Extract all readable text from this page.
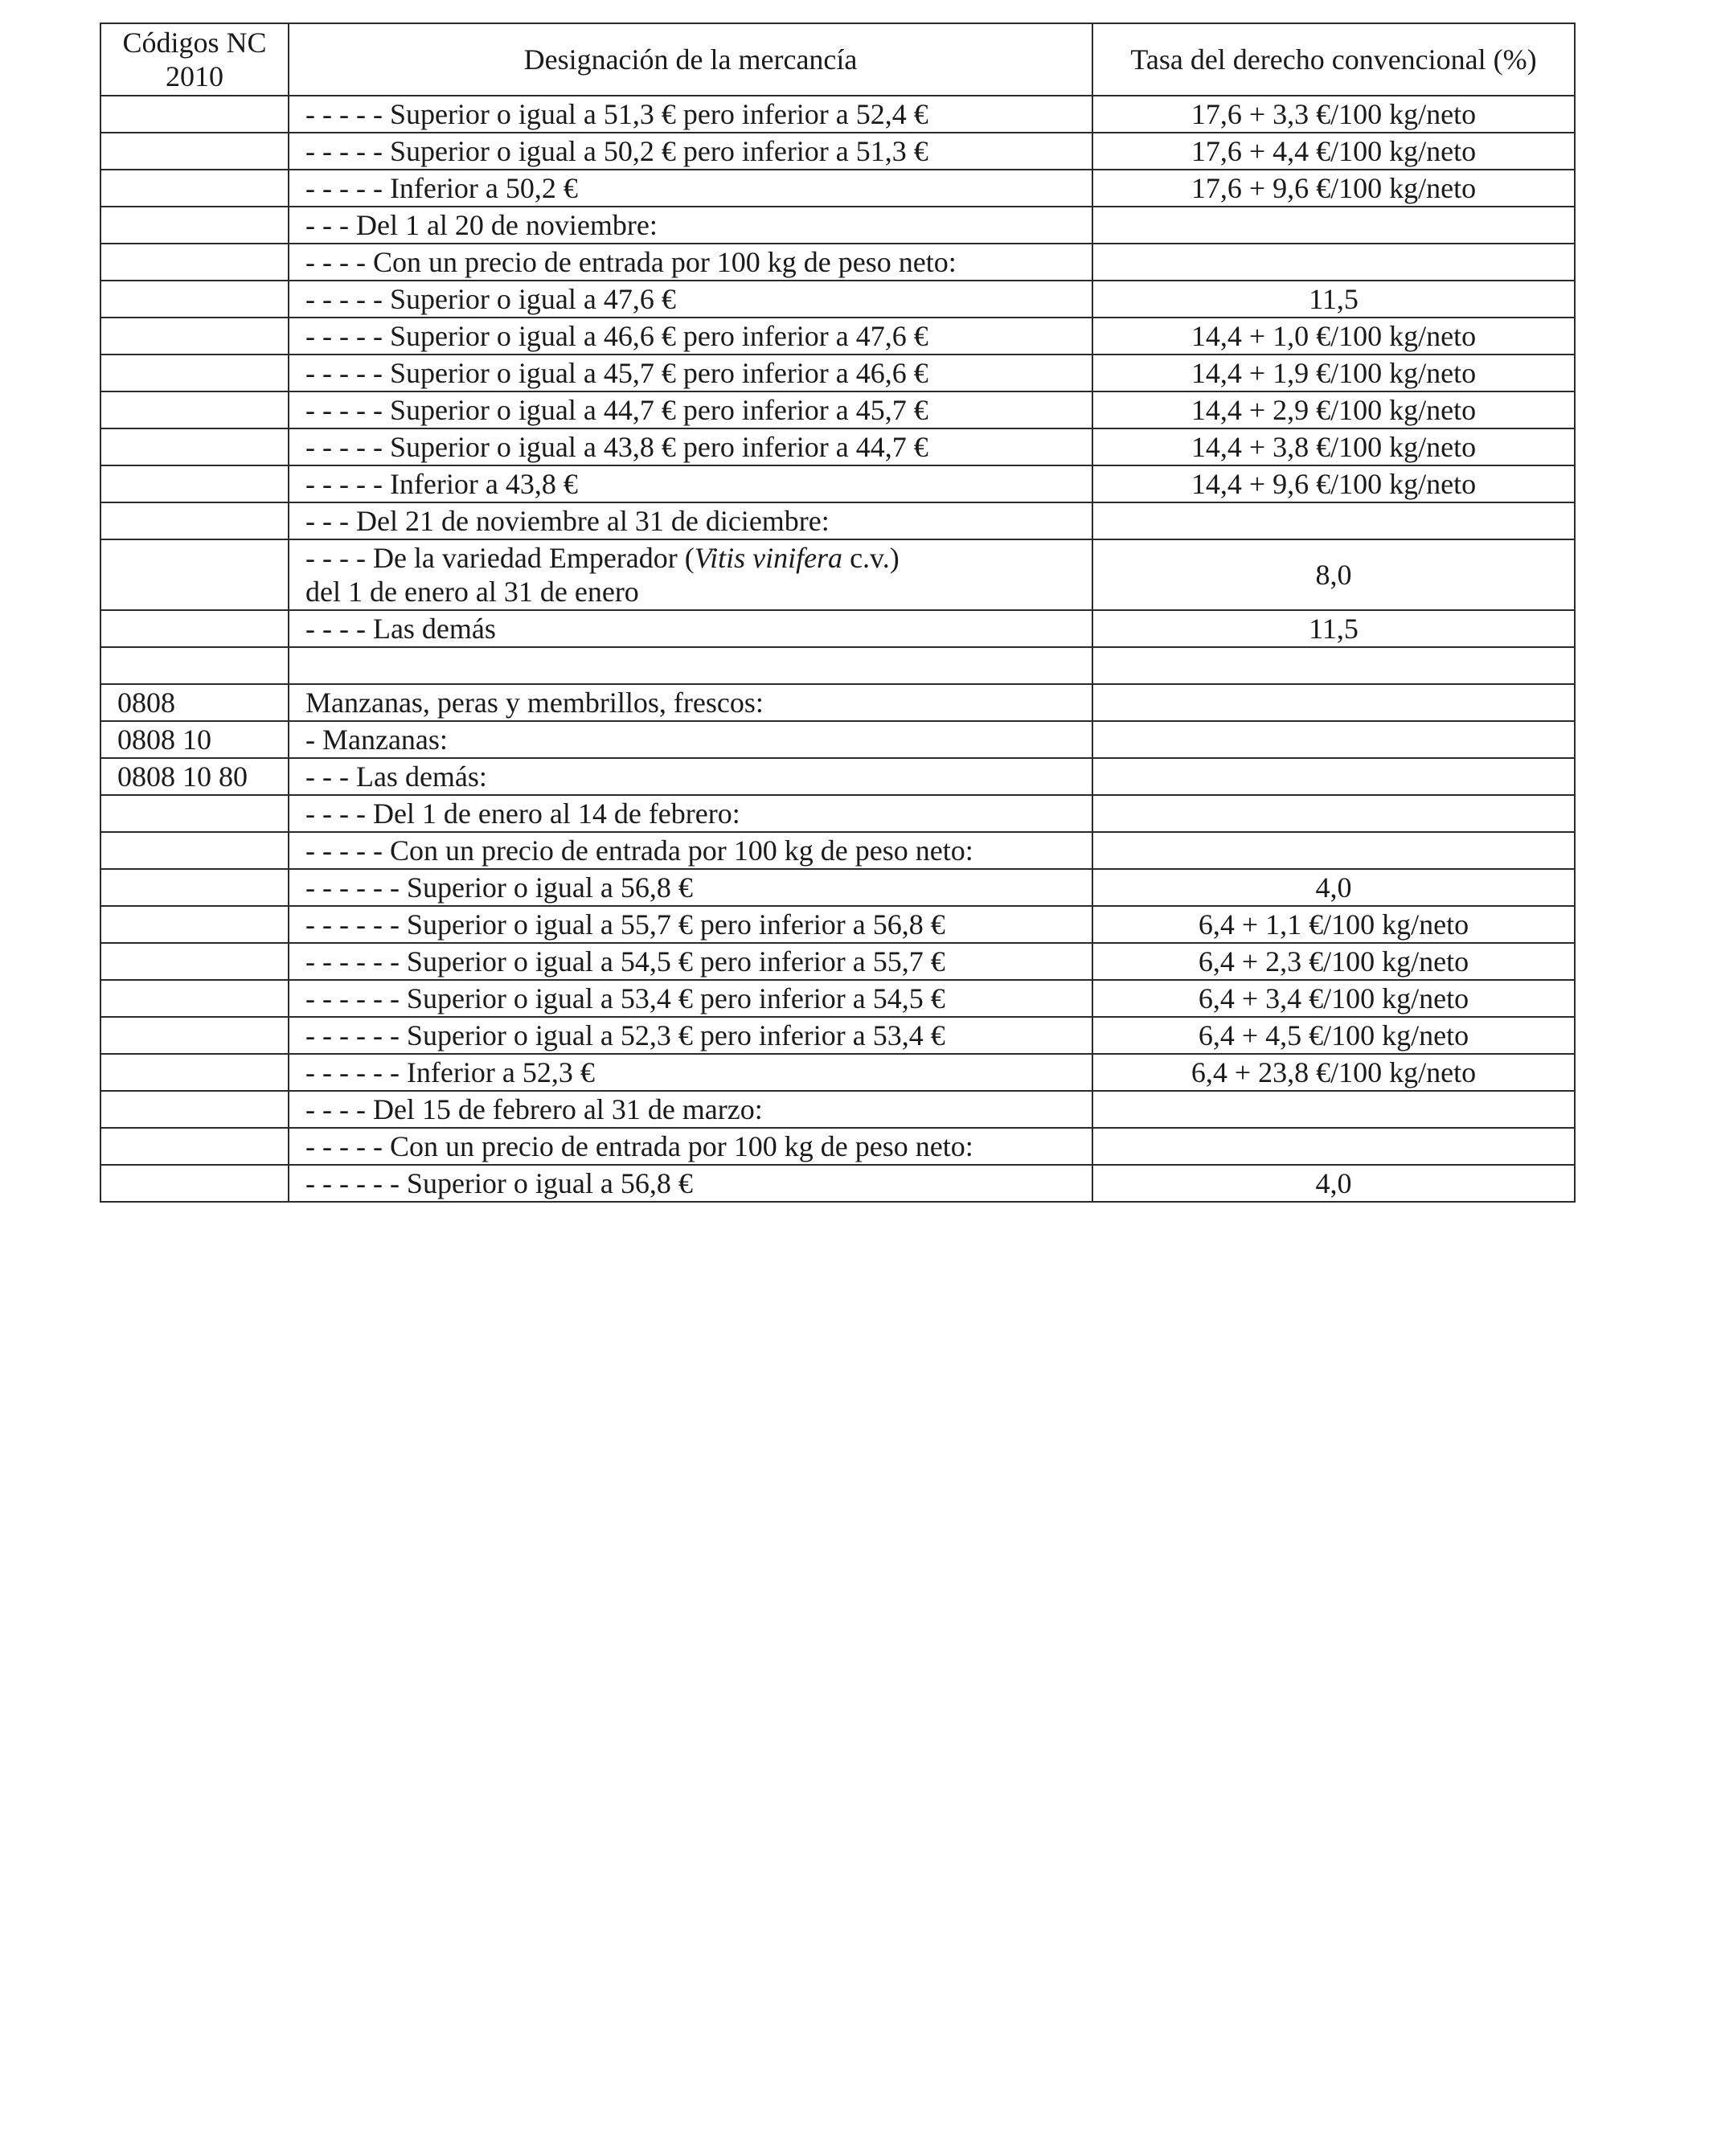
Códigos NC
2010	Designación de la mercancía	Tasa del derecho convencional (%)
	- - - - - Superior o igual a 51,3 € pero inferior a 52,4 €	17,6 + 3,3 €/100 kg/neto
	- - - - - Superior o igual a 50,2 € pero inferior a 51,3 €	17,6 + 4,4 €/100 kg/neto
	- - - - - Inferior a 50,2 €	17,6 + 9,6 €/100 kg/neto
	- - - Del 1 al 20 de noviembre:	
	- - - - Con un precio de entrada por 100 kg de peso neto:	
	- - - - - Superior o igual a 47,6 €	11,5
	- - - - - Superior o igual a 46,6 € pero inferior a 47,6 €	14,4 + 1,0 €/100 kg/neto
	- - - - - Superior o igual a 45,7 € pero inferior a 46,6 €	14,4 + 1,9 €/100 kg/neto
	- - - - - Superior o igual a 44,7 € pero inferior a 45,7 €	14,4 + 2,9 €/100 kg/neto
	- - - - - Superior o igual a 43,8 € pero inferior a 44,7 €	14,4 + 3,8 €/100 kg/neto
	- - - - - Inferior a 43,8 €	14,4 + 9,6 €/100 kg/neto
	- - - Del 21 de noviembre al 31 de diciembre:	

	- - - - De la variedad Emperador (Vitis vinifera c.v.)
del 1 de enero al 31 de enero	8,0
	- - - - Las demás	11,5

0808	Manzanas, peras y membrillos, frescos:	
0808 10	- Manzanas:	
0808 10 80	- - - Las demás:	
	- - - - Del 1 de enero al 14 de febrero:	
	- - - - - Con un precio de entrada por 100 kg de peso neto:	
	- - - - - - Superior o igual a 56,8 €	4,0
	- - - - - - Superior o igual a 55,7 € pero inferior a 56,8 €	6,4 + 1,1 €/100 kg/neto
	- - - - - - Superior o igual a 54,5 € pero inferior a 55,7 €	6,4 + 2,3 €/100 kg/neto
	- - - - - - Superior o igual a 53,4 € pero inferior a 54,5 €	6,4 + 3,4 €/100 kg/neto
	- - - - - - Superior o igual a 52,3 € pero inferior a 53,4 €	6,4 + 4,5 €/100 kg/neto
	- - - - - - Inferior a 52,3 €	6,4 + 23,8 €/100 kg/neto
	- - - - Del 15 de febrero al 31 de marzo:	
	- - - - - Con un precio de entrada por 100 kg de peso neto:	
	- - - - - - Superior o igual a 56,8 €	4,0
